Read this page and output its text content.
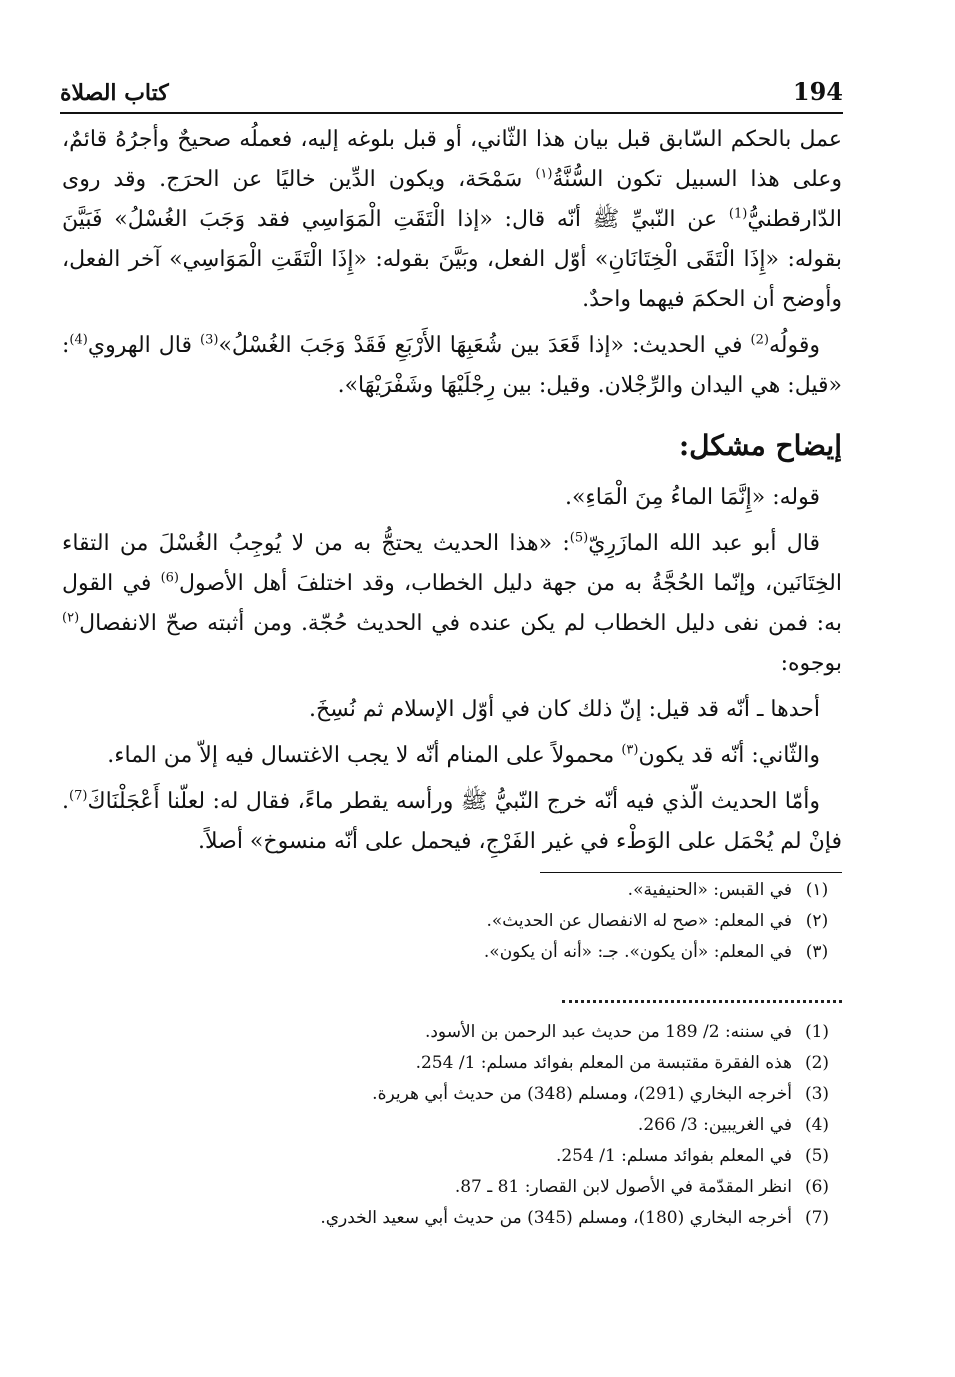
كتاب الصلاة	194

عمل بالحكم السّابق قبل بيان هذا الثّاني، أو قبل بلوغه إليه، فعملُه صحيحٌ وأجرُهُ قائمٌ، وعلى هذا السبيل تكون السُّنَّةُ$^{(١)}$ سَمْحَة، ويكون الدِّين خاليًا عن الحرَج. وقد روى الدّارقطنيُّ$^{(1)}$ عن النّبيِّ ﷺ أنّه قال: «إذا الْتَقَتِ الْمَوَاسِي فقد وَجَبَ الغُسْلُ» فَبَيَّنَ بقوله: «إِذَا الْتَقَى الْخِتَانَانِ» أوّل الفعل، وبَيَّنَ بقوله: «إِذَا الْتَقَتِ الْمَوَاسِي» آخر الفعل، وأوضح أن الحكمَ فيهما واحدٌ.

وقولُه$^{(2)}$ في الحديث: «إذا قَعَدَ بين شُعَبِهَا الأَرْبَعِ فَقَدْ وَجَبَ الغُسْلُ»$^{(3)}$ قال الهروي$^{(4)}$: «قيل: هي اليدان والرِّجْلان. وقيل: بين رِجْلَيْهَا وشَفْرَيْهَا».

إيضاح مشكل:

قوله: «إِنَّمَا الماءُ مِنَ الْمَاءِ».

قال أبو عبد الله المازَرِيّ$^{(5)}$: «هذا الحديث يحتجُّ به من لا يُوجِبُ الغُسْلَ من التقاء الخِتَانَين، وإنّما الحُجَّةُ به من جهة دليل الخطاب، وقد اختلفَ أهل الأصول$^{(6)}$ في القول به: فمن نفى دليل الخطاب لم يكن عنده في الحديث حُجّة. ومن أثبته صحّ الانفصال$^{(٢)}$ بوجوه:

أحدها ـ أنّه قد قيل: إنّ ذلك كان في أوّل الإسلام ثم نُسِخَ.

والثّاني: أنّه قد يكون$^{(٣)}$ محمولاً على المنام أنّه لا يجب الاغتسال فيه إلاّ من الماء.

وأمّا الحديث الّذي فيه أنّه خرج النّبيُّ ﷺ ورأسه يقطر ماءً، فقال له: لعلّنا أَعْجَلْنَاكَ$^{(7)}$. فإنْ لم يُحْمَل على الوَطْء في غير الفَرْجِ، فيحمل على أنّه منسوخ» أصلاً.

(١)
في القبس: «الحنيفية».
(٢)
في المعلم: «صح له الانفصال عن الحديث».
(٣)
في المعلم: «أن يكون». جـ: «أنه أن يكون».
(1)
في سننه: 2/ 189 من حديث عبد الرحمن بن الأسود.
(2)
هذه الفقرة مقتبسة من المعلم بفوائد مسلم: 1/ 254.
(3)
أخرجه البخاري (291)، ومسلم (348) من حديث أبي هريرة.
(4)
في الغريبين: 3/ 266.
(5)
في المعلم بفوائد مسلم: 1/ 254.
(6)
انظر المقدّمة في الأصول لابن القصار: 81 ـ 87.
(7)
أخرجه البخاري (180)، ومسلم (345) من حديث أبي سعيد الخدري.
